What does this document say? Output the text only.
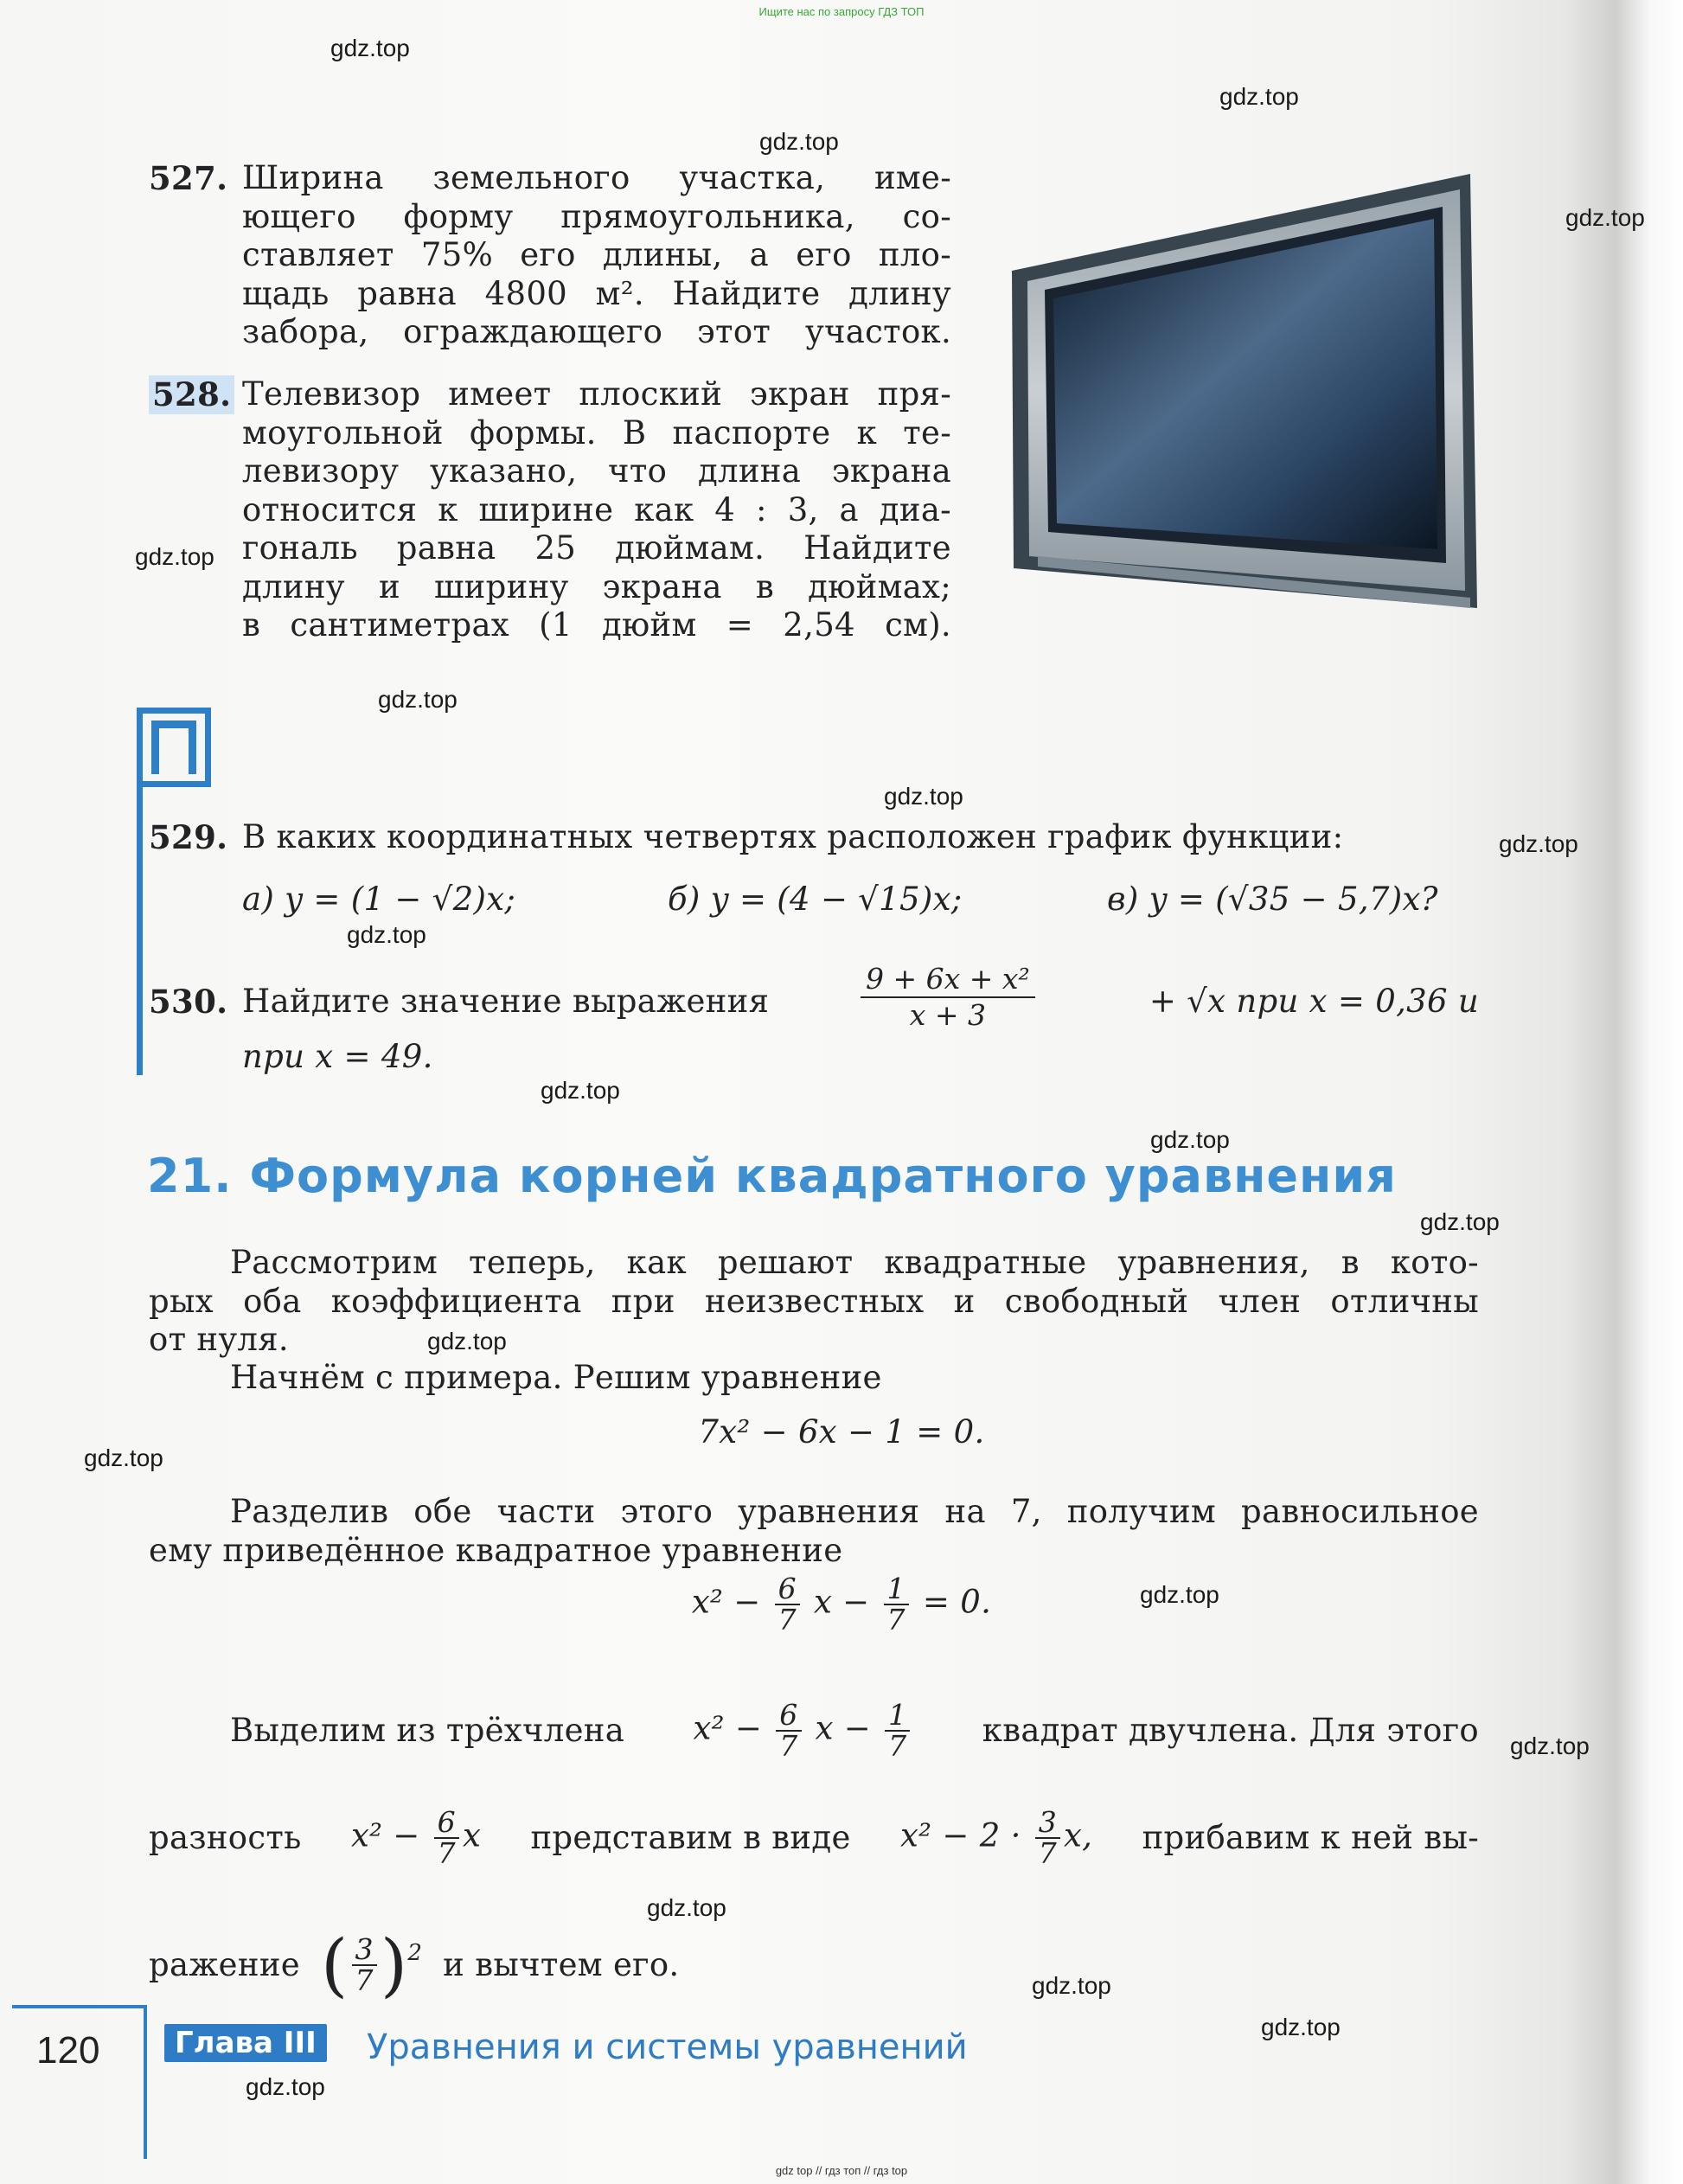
Ищите нас по запросу ГДЗ ТОП
gdz.top
gdz.top
gdz.top
gdz.top
gdz.top
gdz.top
gdz.top
gdz.top
gdz.top
gdz.top
gdz.top
gdz.top
gdz.top
gdz.top
gdz.top
gdz.top
gdz.top
gdz.top
gdz.top
gdz.top
527. Ширина земельного участка, име-
ющего форму прямоугольника, со-
ставляет 75% его длины, а его пло-
щадь равна 4800 м². Найдите длину
забора, ограждающего этот участок.
528. Телевизор имеет плоский экран пря-
моугольной формы. В паспорте к те-
левизору указано, что длина экрана
относится к ширине как 4 : 3, а диа-
гональ равна 25 дюймам. Найдите
длину и ширину экрана в дюймах;
в сантиметрах (1 дюйм = 2,54 см).
529. В каких координатных четвертях расположен график функции:
а) y = (1 − √2)x;	б) y = (4 − √15)x;	в) y = (√35 − 5,7)x?
530. Найдите значение выражения	$\frac{\text{9 + 6x + x²}}{x + 3}$	+ √x при x = 0,36 и
при x = 49.
21. Формула корней квадратного уравнения
Рассмотрим теперь, как решают квадратные уравнения, в кото-
рых оба коэффициента при неизвестных и свободный член отличны
от нуля.
Начнём с примера. Решим уравнение
7x² − 6x − 1 = 0.
Разделив обе части этого уравнения на 7, получим равносильное
ему приведённое квадратное уравнение
$x^2 - \frac{6}{7}$ $x - \frac{1}{7} = 0$.
Выделим из трёхчлена $x^2 - \frac{6}{7}$ $x - \frac{1}{7}$ квадрат двучлена. Для этого
разность $x^2 - \frac{6}{7}$ x представим в виде $x^2 - 2 \cdot \frac{3}{7} x$, прибавим к ней вы-
ражение ( $\frac{3}{7} )^2$ и вычтем его.
120	Глава III	Уравнения и системы уравнений
gdz top // гдз топ // гдз top
